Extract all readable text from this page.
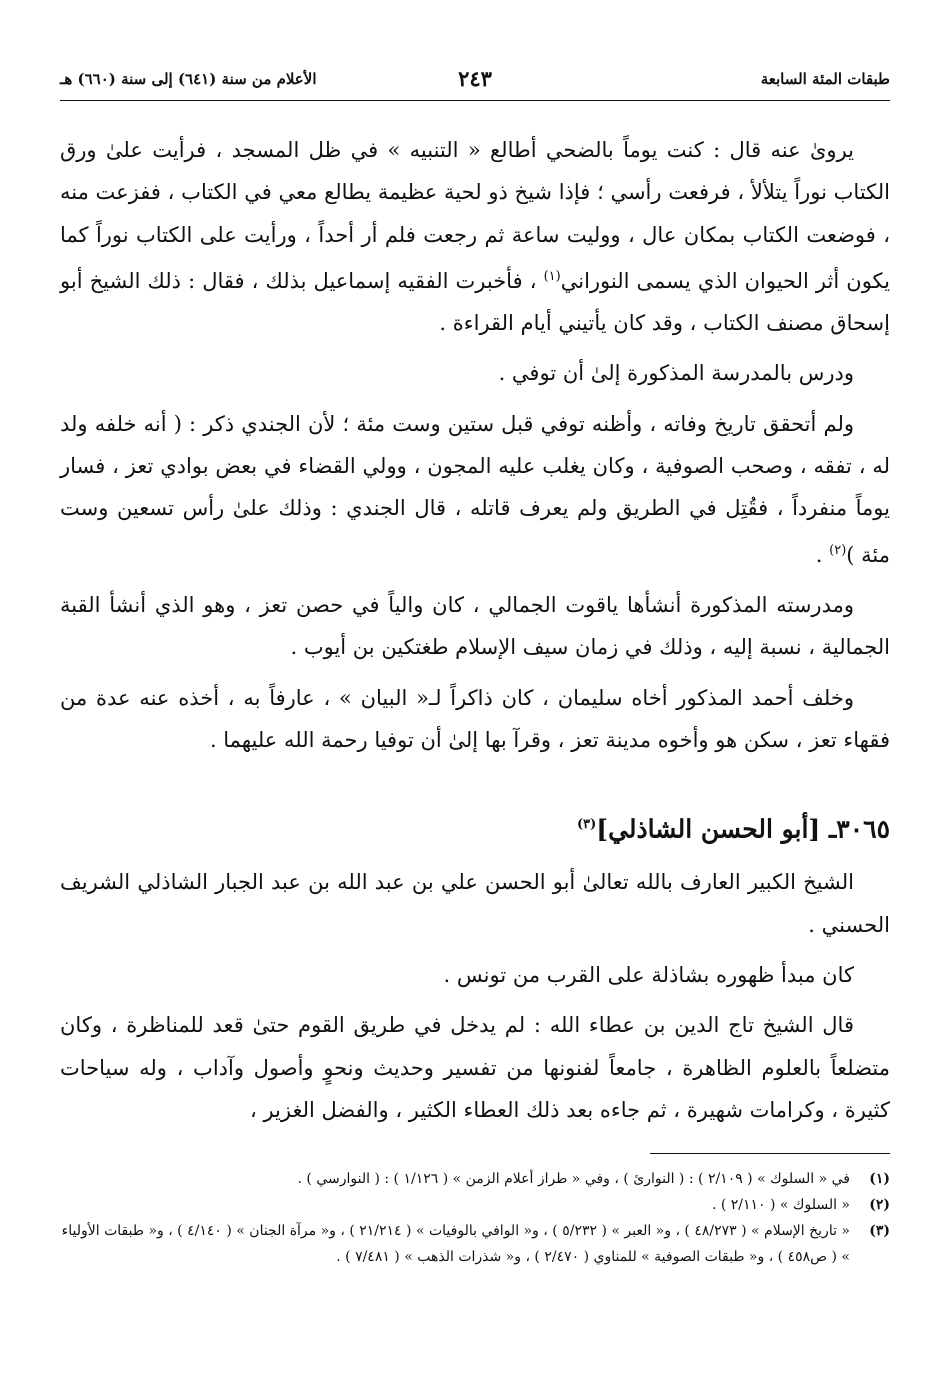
طبقات المئة السابعة
٢٤٣
الأعلام من سنة (٦٤١) إلى سنة (٦٦٠) هـ

يروىٰ عنه قال : كنت يوماً بالضحي أطالع « التنبيه » في ظل المسجد ، فرأيت علىٰ ورق الكتاب نوراً يتلألأ ، فرفعت رأسي ؛ فإذا شيخ ذو لحية عظيمة يطالع معي في الكتاب ، ففزعت منه ، فوضعت الكتاب بمكان عال ، ووليت ساعة ثم رجعت فلم أر أحداً ، ورأيت على الكتاب نوراً كما يكون أثر الحيوان الذي يسمى النوراني$^{(١)}$ ، فأخبرت الفقيه إسماعيل بذلك ، فقال : ذلك الشيخ أبو إسحاق مصنف الكتاب ، وقد كان يأتيني أيام القراءة .

ودرس بالمدرسة المذكورة إلىٰ أن توفي .

ولم أتحقق تاريخ وفاته ، وأظنه توفي قبل ستين وست مئة ؛ لأن الجندي ذكر : ( أنه خلفه ولد له ، تفقه ، وصحب الصوفية ، وكان يغلب عليه المجون ، وولي القضاء في بعض بوادي تعز ، فسار يوماً منفرداً ، فقُتِل في الطريق ولم يعرف قاتله ، قال الجندي : وذلك علىٰ رأس تسعين وست مئة )$^{(٢)}$ .

ومدرسته المذكورة أنشأها ياقوت الجمالي ، كان والياً في حصن تعز ، وهو الذي أنشأ القبة الجمالية ، نسبة إليه ، وذلك في زمان سيف الإسلام طغتكين بن أيوب .

وخلف أحمد المذكور أخاه سليمان ، كان ذاكراً لـ« البيان » ، عارفاً به ، أخذه عنه عدة من فقهاء تعز ، سكن هو وأخوه مدينة تعز ، وقرآ بها إلىٰ أن توفيا رحمة الله عليهما .

٣٠٦٥ـ [أبو الحسن الشاذلي]$^{(٣)}$

الشيخ الكبير العارف بالله تعالىٰ أبو الحسن علي بن عبد الله بن عبد الجبار الشاذلي الشريف الحسني .

كان مبدأ ظهوره بشاذلة على القرب من تونس .

قال الشيخ تاج الدين بن عطاء الله : لم يدخل في طريق القوم حتىٰ قعد للمناظرة ، وكان متضلعاً بالعلوم الظاهرة ، جامعاً لفنونها من تفسير وحديث ونحوٍ وأصول وآداب ، وله سياحات كثيرة ، وكرامات شهيرة ، ثم جاءه بعد ذلك العطاء الكثير ، والفضل الغزير ،

(١)
في « السلوك » ( ٢/١٠٩ ) : ( النوارئ ) ، وفي « طراز أعلام الزمن » ( ١/١٢٦ ) : ( النوارسي ) .
(٢)
« السلوك » ( ٢/١١٠ ) .
(٣)
« تاريخ الإسلام » ( ٤٨/٢٧٣ ) ، و« العبر » ( ٥/٢٣٢ ) ، و« الوافي بالوفيات » ( ٢١/٢١٤ ) ، و« مرآة الجنان » ( ٤/١٤٠ ) ، و« طبقات الأولياء » ( ص٤٥٨ ) ، و« طبقات الصوفية » للمناوي ( ٢/٤٧٠ ) ، و« شذرات الذهب » ( ٧/٤٨١ ) .
